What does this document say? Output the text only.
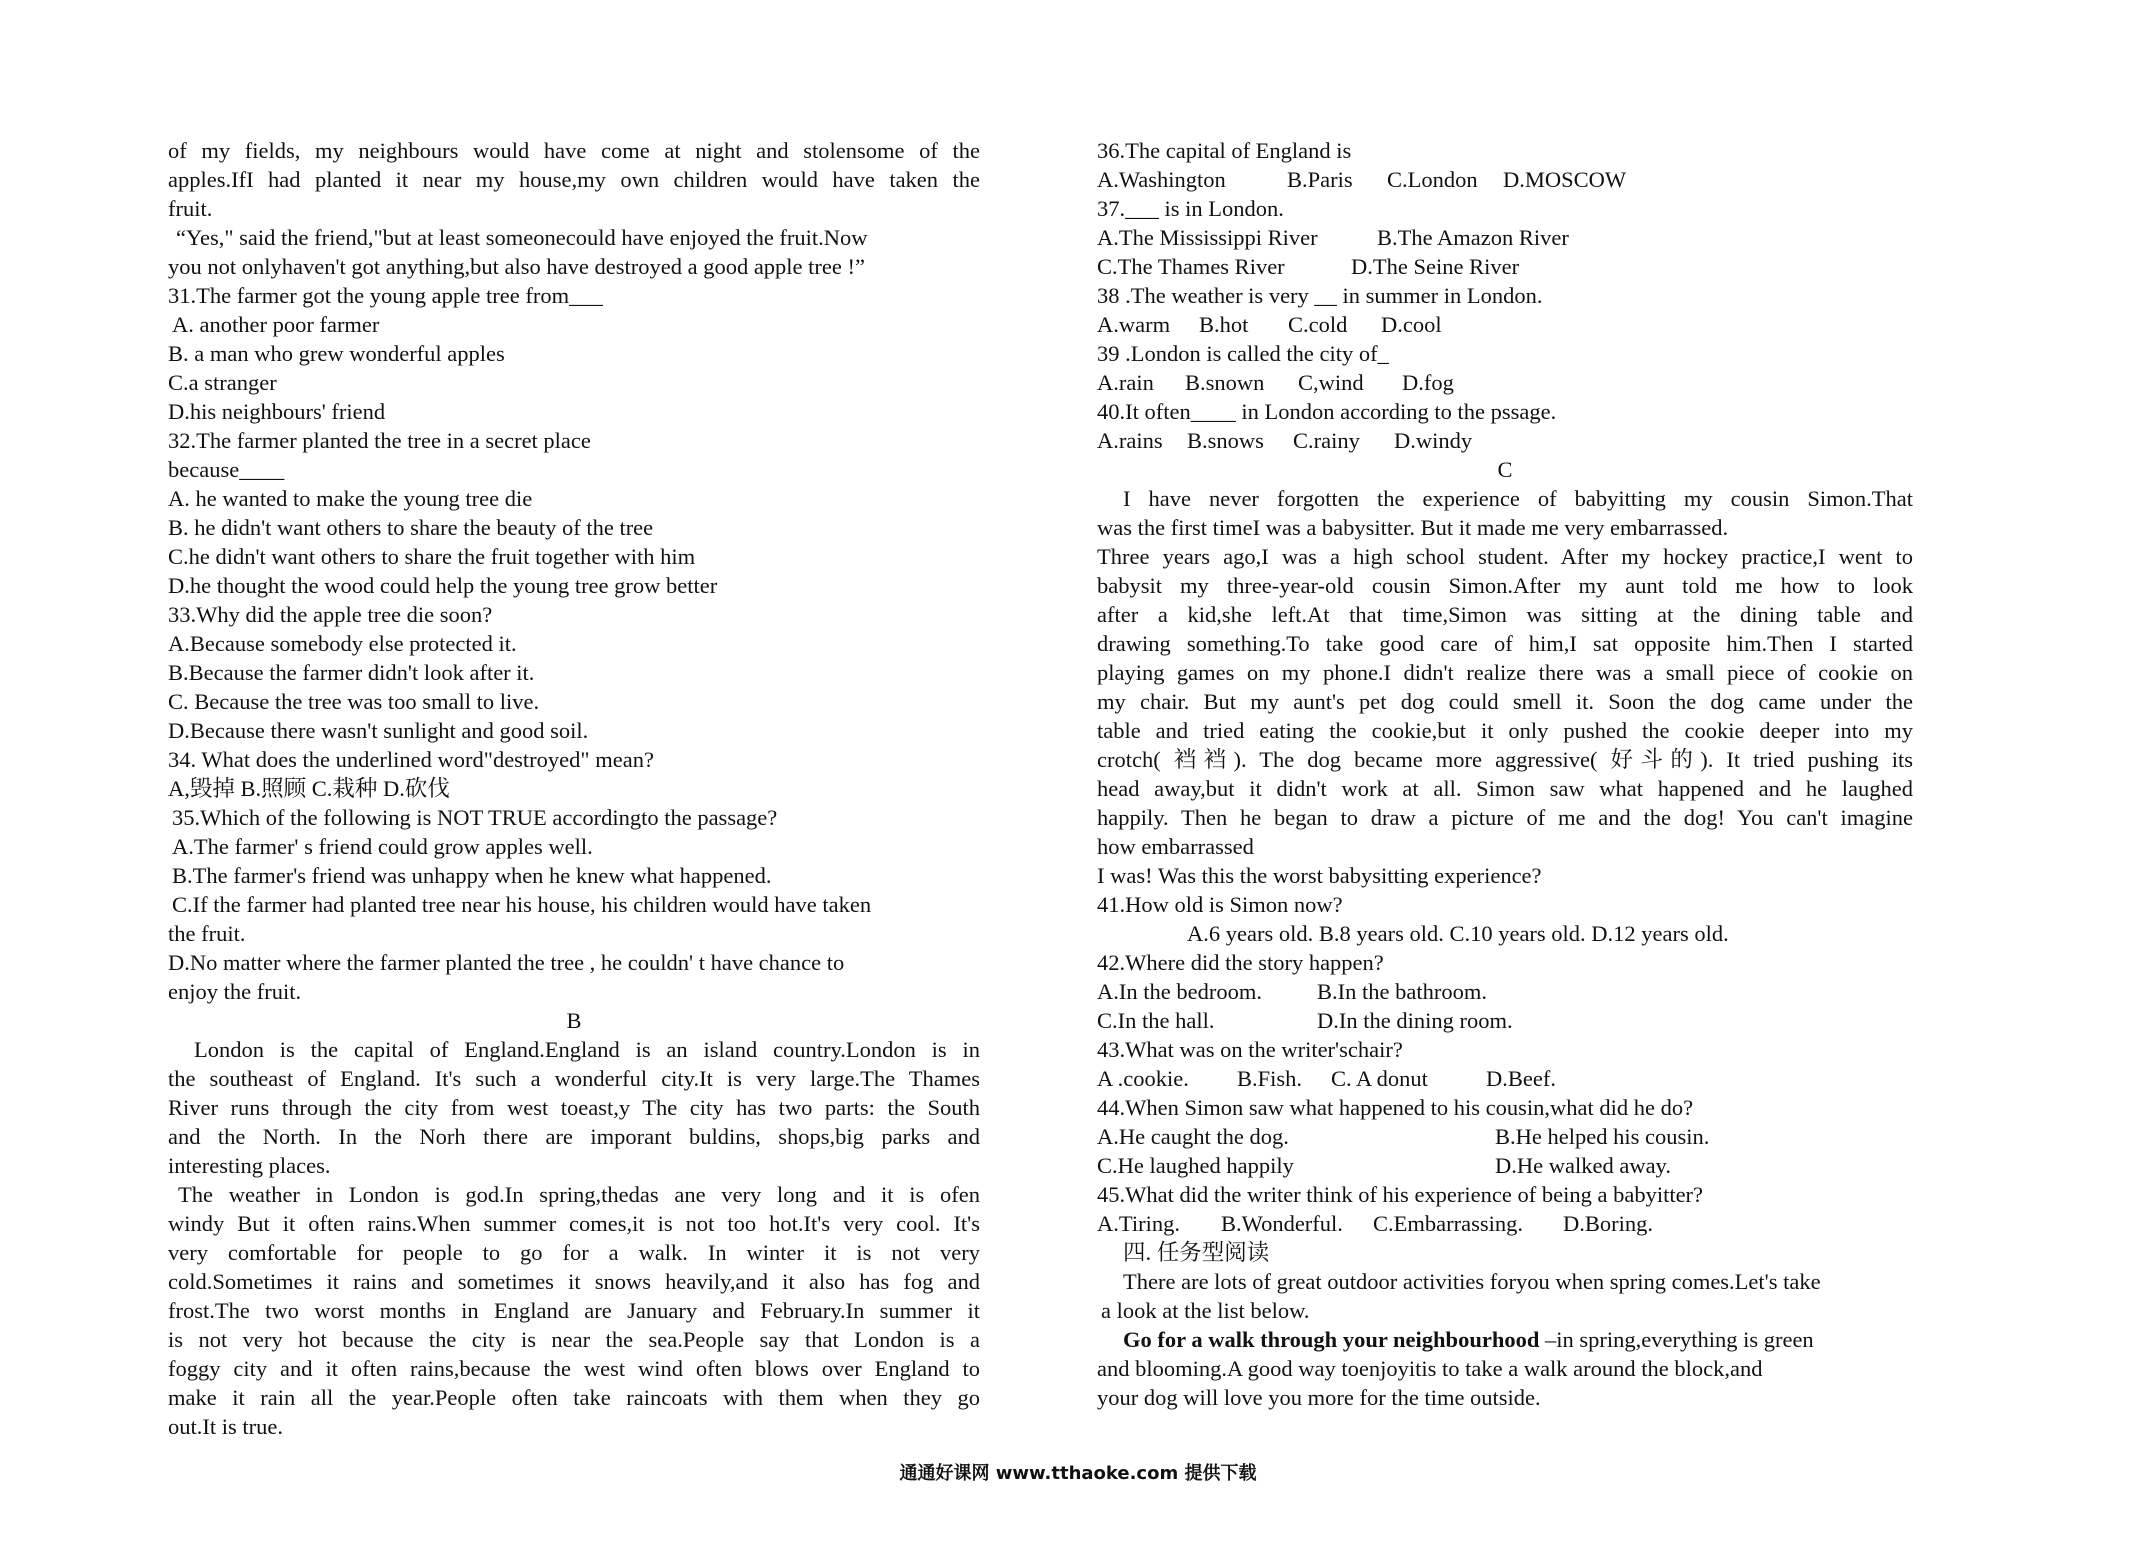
of my fields, my neighbours would have come at night and stolensome of the
apples.IfI had planted it near my house,my own children would have taken the
fruit.
“Yes," said the friend,"but at least someonecould have enjoyed the fruit.Now
you not onlyhaven't got anything,but also have destroyed a good apple tree !”
31.The farmer got the young apple tree from___
A. another poor farmer
B. a man who grew wonderful apples
C.a stranger
D.his neighbours' friend
32.The farmer planted the tree in a secret place
because____
A. he wanted to make the young tree die
B. he didn't want others to share the beauty of the tree
C.he didn't want others to share the fruit together with him
D.he thought the wood could help the young tree grow better
33.Why did the apple tree die soon?
A.Because somebody else protected it.
B.Because the farmer didn't look after it.
C. Because the tree was too small to live.
D.Because there wasn't sunlight and good soil.
34. What does the underlined word"destroyed" mean?
A,毁掉 B.照顾 C.栽种 D.砍伐
35.Which of the following is NOT TRUE accordingto the passage?
A.The farmer' s friend could grow apples well.
B.The farmer's friend was unhappy when he knew what happened.
C.If the farmer had planted tree near his house, his children would have taken
the fruit.
D.No matter where the farmer planted the tree , he couldn' t have chance to
enjoy the fruit.
B
London is the capital of England.England is an island country.London is in
the southeast of England. It's such a wonderful city.It is very large.The Thames
River runs through the city from west toeast,y The city has two parts: the South
and the North. In the Norh there are imporant buldins, shops,big parks and
interesting places.
The weather in London is god.In spring,thedas ane very long and it is ofen
windy But it often rains.When summer comes,it is not too hot.It's very cool. It's
very comfortable for people to go for a walk. In winter it is not very
cold.Sometimes it rains and sometimes it snows heavily,and it also has fog and
frost.The two worst months in England are January and February.In summer it
is not very hot because the city is near the sea.People say that London is a
foggy city and it often rains,because the west wind often blows over England to
make it rain all the year.People often take raincoats with them when they go
out.It is true.
36.The capital of England is
A.Washington	B.Paris C.London D.MOSCOW
37.___ is in London.
A.The Mississippi River	B.The Amazon River
C.The Thames River	D.The Seine River
38 .The weather is very __ in summer in London.
A.warm B.hot C.cold D.cool
39 .London is called the city of_
A.rain B.snown C,wind D.fog
40.It often____ in London according to the pssage.
A.rains B.snows C.rainy D.windy
C
I have never forgotten the experience of babyitting my cousin Simon.That
was the first timeI was a babysitter. But it made me very embarrassed.
Three years ago,I was a high school student. After my hockey practice,I went to
babysit my three-year-old cousin Simon.After my aunt told me how to look
after a kid,she left.At that time,Simon was sitting at the dining table and
drawing something.To take good care of him,I sat opposite him.Then I started
playing games on my phone.I didn't realize there was a small piece of cookie on
my chair. But my aunt's pet dog could smell it. Soon the dog came under the
table and tried eating the cookie,but it only pushed the cookie deeper into my
crotch( 裆裆). The dog became more aggressive( 好斗的). It tried pushing its
head away,but it didn't work at all. Simon saw what happened and he laughed
happily. Then he began to draw a picture of me and the dog! You can't imagine
how embarrassed
I was! Was this the worst babysitting experience?
41.How old is Simon now?
A.6 years old. B.8 years old. C.10 years old. D.12 years old.
42.Where did the story happen?
A.In the bedroom. B.In the bathroom.
C.In the hall.	D.In the dining room.
43.What was on the writer'schair?
A .cookie. B.Fish. C. A donut	D.Beef.
44.When Simon saw what happened to his cousin,what did he do?
A.He caught the dog.	B.He helped his cousin.
C.He laughed happily	D.He walked away.
45.What did the writer think of his experience of being a babyitter?
A.Tiring. B.Wonderful. C.Embarrassing. D.Boring.
四. 任务型阅读
There are lots of great outdoor activities foryou when spring comes.Let's take
a look at the list below.
Go for a walk through your neighbourhood –in spring,everything is green
and blooming.A good way toenjoyitis to take a walk around the block,and
your dog will love you more for the time outside.
通通好课网 www.tthaoke.com 提供下载
